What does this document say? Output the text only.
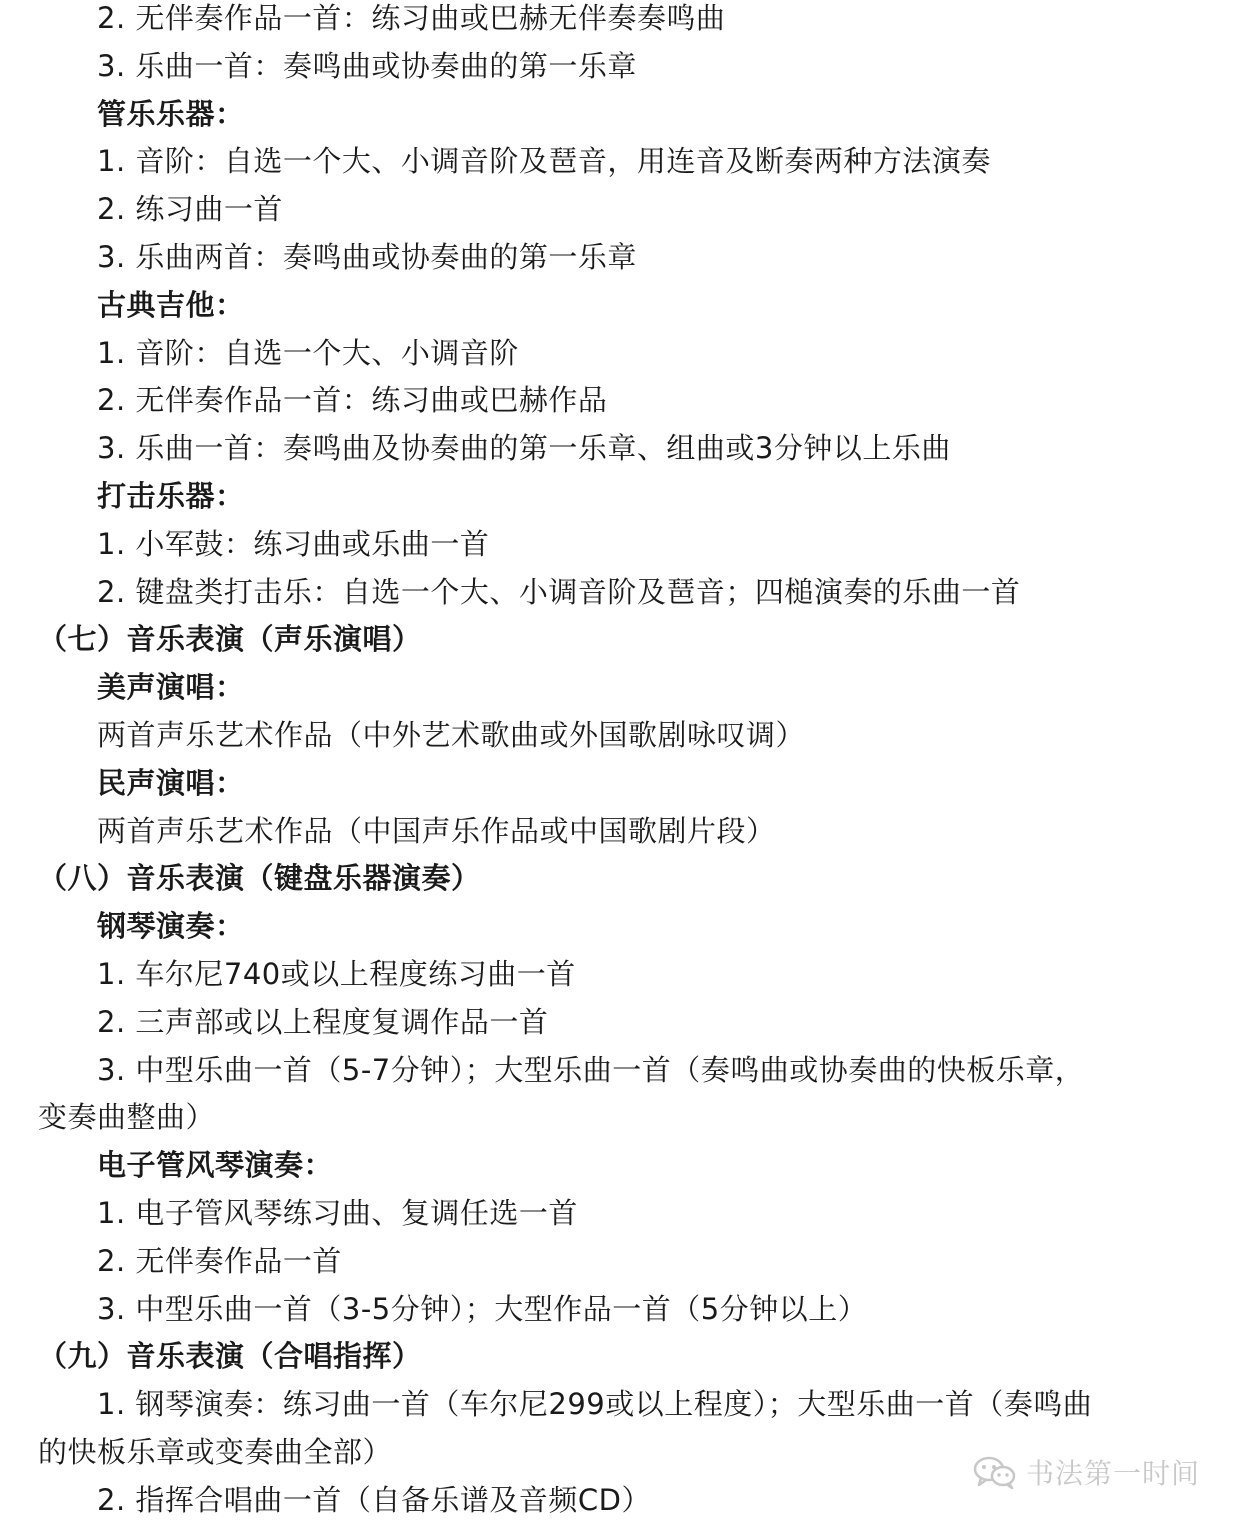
2. 无伴奏作品一首：练习曲或巴赫无伴奏奏鸣曲
3. 乐曲一首：奏鸣曲或协奏曲的第一乐章
管乐乐器：
1. 音阶：自选一个大、小调音阶及琶音，用连音及断奏两种方法演奏
2. 练习曲一首
3. 乐曲两首：奏鸣曲或协奏曲的第一乐章
古典吉他：
1. 音阶：自选一个大、小调音阶
2. 无伴奏作品一首：练习曲或巴赫作品
3. 乐曲一首：奏鸣曲及协奏曲的第一乐章、组曲或3分钟以上乐曲
打击乐器：
1. 小军鼓：练习曲或乐曲一首
2. 键盘类打击乐：自选一个大、小调音阶及琶音；四槌演奏的乐曲一首
（七）音乐表演（声乐演唱）
美声演唱：
两首声乐艺术作品（中外艺术歌曲或外国歌剧咏叹调）
民声演唱：
两首声乐艺术作品（中国声乐作品或中国歌剧片段）
（八）音乐表演（键盘乐器演奏）
钢琴演奏：
1. 车尔尼740或以上程度练习曲一首
2. 三声部或以上程度复调作品一首
3. 中型乐曲一首（5-7分钟）；大型乐曲一首（奏鸣曲或协奏曲的快板乐章，
变奏曲整曲）
电子管风琴演奏：
1. 电子管风琴练习曲、复调任选一首
2. 无伴奏作品一首
3. 中型乐曲一首（3-5分钟）；大型作品一首（5分钟以上）
（九）音乐表演（合唱指挥）
1. 钢琴演奏：练习曲一首（车尔尼299或以上程度）；大型乐曲一首（奏鸣曲
的快板乐章或变奏曲全部）
2. 指挥合唱曲一首（自备乐谱及音频CD）
书法第一时间
